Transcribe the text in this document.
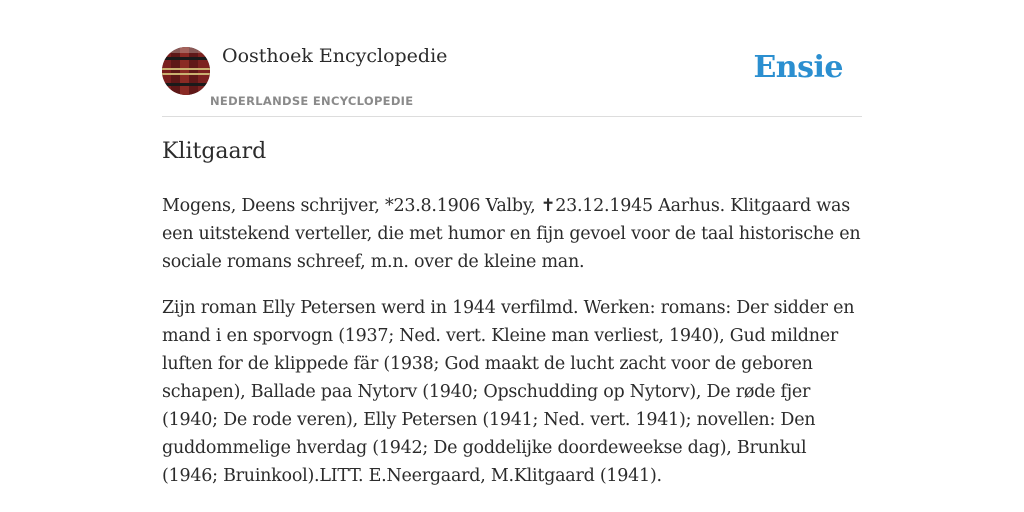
Oosthoek Encyclopedie
NEDERLANDSE ENCYCLOPEDIE
Ensie
Klitgaard

Mogens, Deens schrijver, *23.8.1906 Valby, ✝23.12.1945 Aarhus. Klitgaard was een uitstekend verteller, die met humor en fijn gevoel voor de taal historische en sociale romans schreef, m.n. over de kleine man.

Zijn roman Elly Petersen werd in 1944 verfilmd. Werken: romans: Der sidder en mand i en sporvogn (1937; Ned. vert. Kleine man verliest, 1940), Gud mildner luften for de klippede fär (1938; God maakt de lucht zacht voor de geboren schapen), Ballade paa Nytorv (1940; Opschudding op Nytorv), De røde fjer (1940; De rode veren), Elly Petersen (1941; Ned. vert. 1941); novellen: Den guddommelige hverdag (1942; De goddelijke doordeweekse dag), Brunkul (1946; Bruinkool).LITT. E.Neergaard, M.Klitgaard (1941).
